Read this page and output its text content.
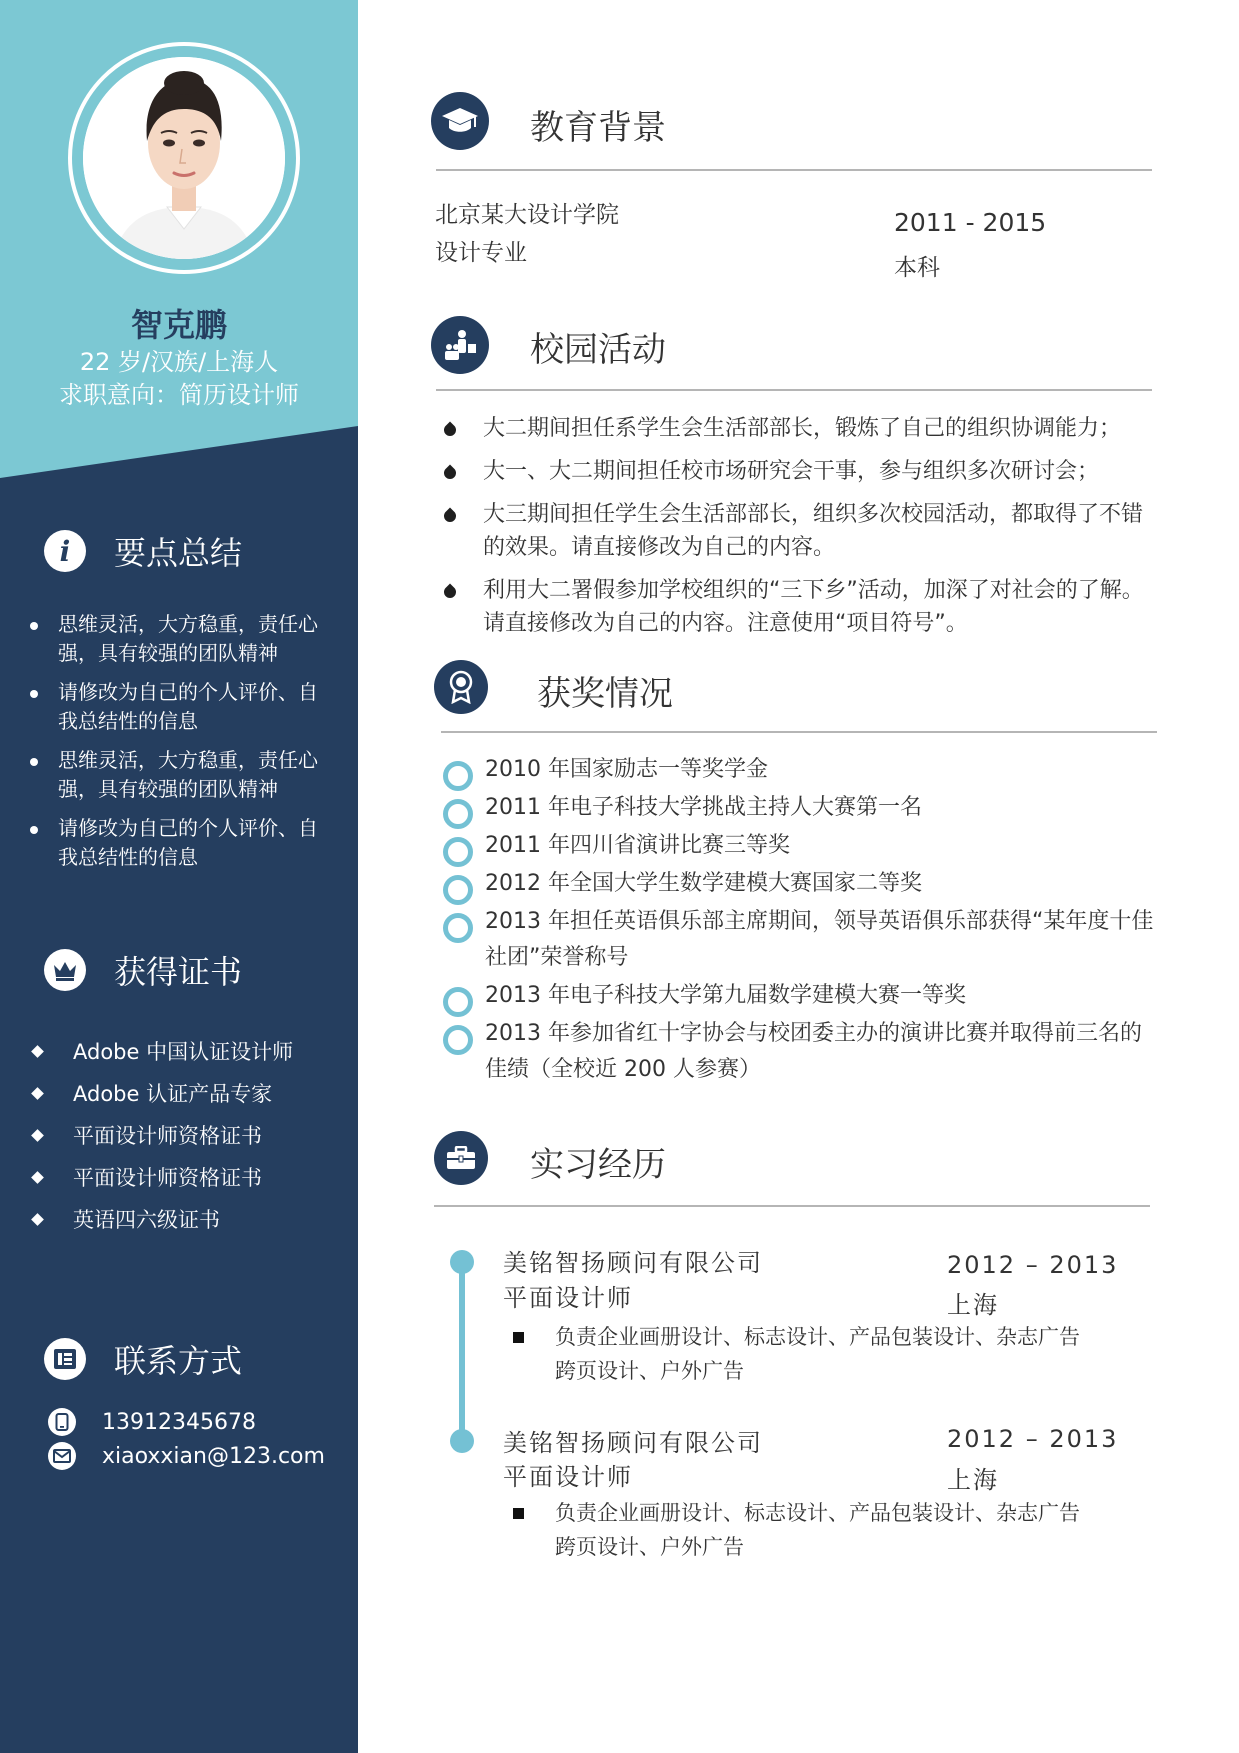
智克鹏
22 岁/汉族/上海人
求职意向：简历设计师
i 要点总结
思维灵活，大方稳重，责任心强，具有较强的团队精神
请修改为自己的个人评价、自我总结性的信息
思维灵活，大方稳重，责任心强，具有较强的团队精神
请修改为自己的个人评价、自我总结性的信息
获得证书
Adobe 中国认证设计师
Adobe 认证产品专家
平面设计师资格证书
平面设计师资格证书
英语四六级证书
联系方式
13912345678
xiaoxxian@123.com
教育背景
北京某大设计学院
设计专业
2011 - 2015
本科
校园活动
大二期间担任系学生会生活部部长，锻炼了自己的组织协调能力；
大一、大二期间担任校市场研究会干事，参与组织多次研讨会；
大三期间担任学生会生活部部长，组织多次校园活动，都取得了不错的效果。请直接修改为自己的内容。
利用大二署假参加学校组织的“三下乡”活动，加深了对社会的了解。请直接修改为自己的内容。注意使用“项目符号”。
获奖情况
2010 年国家励志一等奖学金
2011 年电子科技大学挑战主持人大赛第一名
2011 年四川省演讲比赛三等奖
2012 年全国大学生数学建模大赛国家二等奖
2013 年担任英语俱乐部主席期间，领导英语俱乐部获得“某年度十佳社团”荣誉称号
2013 年电子科技大学第九届数学建模大赛一等奖
2013 年参加省红十字协会与校团委主办的演讲比赛并取得前三名的佳绩（全校近 200 人参赛）
实习经历
美铭智扬顾问有限公司
平面设计师
2012 – 2013
上海
负责企业画册设计、标志设计、产品包装设计、杂志广告跨页设计、户外广告
美铭智扬顾问有限公司
平面设计师
2012 – 2013
上海
负责企业画册设计、标志设计、产品包装设计、杂志广告跨页设计、户外广告
